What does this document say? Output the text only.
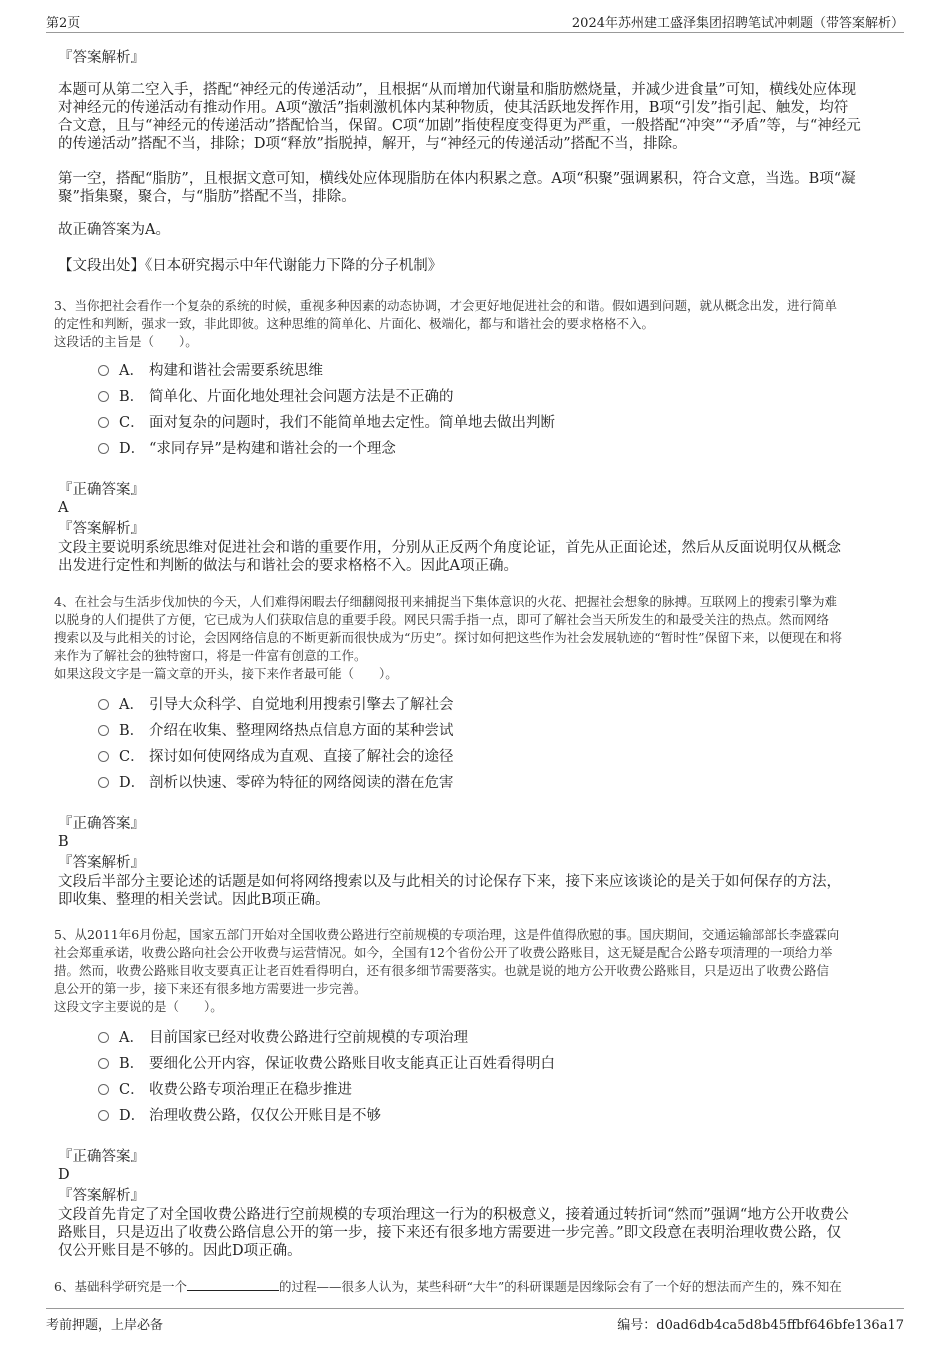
第2页	2024年苏州建工盛泽集团招聘笔试冲刺题（带答案解析）
『答案解析』
本题可从第二空入手，搭配“神经元的传递活动”，且根据“从而增加代谢量和脂肪燃烧量，并减少进食量”可知，横线处应体现
对神经元的传递活动有推动作用。A项“激活”指刺激机体内某种物质，使其活跃地发挥作用，B项“引发”指引起、触发，均符
合文意，且与“神经元的传递活动”搭配恰当，保留。C项“加剧”指使程度变得更为严重，一般搭配“冲突”“矛盾”等，与“神经元
的传递活动”搭配不当，排除；D项“释放”指脱掉，解开，与“神经元的传递活动”搭配不当，排除。
第一空，搭配“脂肪”，且根据文意可知，横线处应体现脂肪在体内积累之意。A项“积聚”强调累积，符合文意，当选。B项“凝
聚”指集聚，聚合，与“脂肪”搭配不当，排除。
故正确答案为A。
【文段出处】《日本研究揭示中年代谢能力下降的分子机制》
3、当你把社会看作一个复杂的系统的时候，重视多种因素的动态协调，才会更好地促进社会的和谐。假如遇到问题，就从概念出发，进行简单
的定性和判断，强求一致，非此即彼。这种思维的简单化、片面化、极端化，都与和谐社会的要求格格不入。
这段话的主旨是（　　）。
A． 构建和谐社会需要系统思维
B． 简单化、片面化地处理社会问题方法是不正确的
C． 面对复杂的问题时，我们不能简单地去定性。简单地去做出判断
D． “求同存异”是构建和谐社会的一个理念
『正确答案』
A
『答案解析』
文段主要说明系统思维对促进社会和谐的重要作用，分别从正反两个角度论证，首先从正面论述，然后从反面说明仅从概念
出发进行定性和判断的做法与和谐社会的要求格格不入。因此A项正确。
4、在社会与生活步伐加快的今天，人们难得闲暇去仔细翻阅报刊来捕捉当下集体意识的火花、把握社会想象的脉搏。互联网上的搜索引擎为难
以脱身的人们提供了方便，它已成为人们获取信息的重要手段。网民只需手指一点，即可了解社会当天所发生的和最受关注的热点。然而网络
搜索以及与此相关的讨论，会因网络信息的不断更新而很快成为“历史”。探讨如何把这些作为社会发展轨迹的“暂时性”保留下来，以便现在和将
来作为了解社会的独特窗口，将是一件富有创意的工作。
如果这段文字是一篇文章的开头，接下来作者最可能（　　）。
A． 引导大众科学、自觉地利用搜索引擎去了解社会
B． 介绍在收集、整理网络热点信息方面的某种尝试
C． 探讨如何使网络成为直观、直接了解社会的途径
D． 剖析以快速、零碎为特征的网络阅读的潜在危害
『正确答案』
B
『答案解析』
文段后半部分主要论述的话题是如何将网络搜索以及与此相关的讨论保存下来，接下来应该谈论的是关于如何保存的方法，
即收集、整理的相关尝试。因此B项正确。
5、从2011年6月份起，国家五部门开始对全国收费公路进行空前规模的专项治理，这是件值得欣慰的事。国庆期间，交通运输部部长李盛霖向
社会郑重承诺，收费公路向社会公开收费与运营情况。如今，全国有12个省份公开了收费公路账目，这无疑是配合公路专项清理的一项给力举
措。然而，收费公路账目收支要真正让老百姓看得明白，还有很多细节需要落实。也就是说的地方公开收费公路账目，只是迈出了收费公路信
息公开的第一步，接下来还有很多地方需要进一步完善。
这段文字主要说的是（　　）。
A． 目前国家已经对收费公路进行空前规模的专项治理
B． 要细化公开内容，保证收费公路账目收支能真正让百姓看得明白
C． 收费公路专项治理正在稳步推进
D． 治理收费公路，仅仅公开账目是不够
『正确答案』
D
『答案解析』
文段首先肯定了对全国收费公路进行空前规模的专项治理这一行为的积极意义，接着通过转折词“然而”强调“地方公开收费公
路账目，只是迈出了收费公路信息公开的第一步，接下来还有很多地方需要进一步完善。”即文段意在表明治理收费公路，仅
仅公开账目是不够的。因此D项正确。
6、基础科学研究是一个	的过程——很多人认为，某些科研“大牛”的科研课题是因缘际会有了一个好的想法而产生的，殊不知在
考前押题，上岸必备	编号：d0ad6db4ca5d8b45ffbf646bfe136a17
